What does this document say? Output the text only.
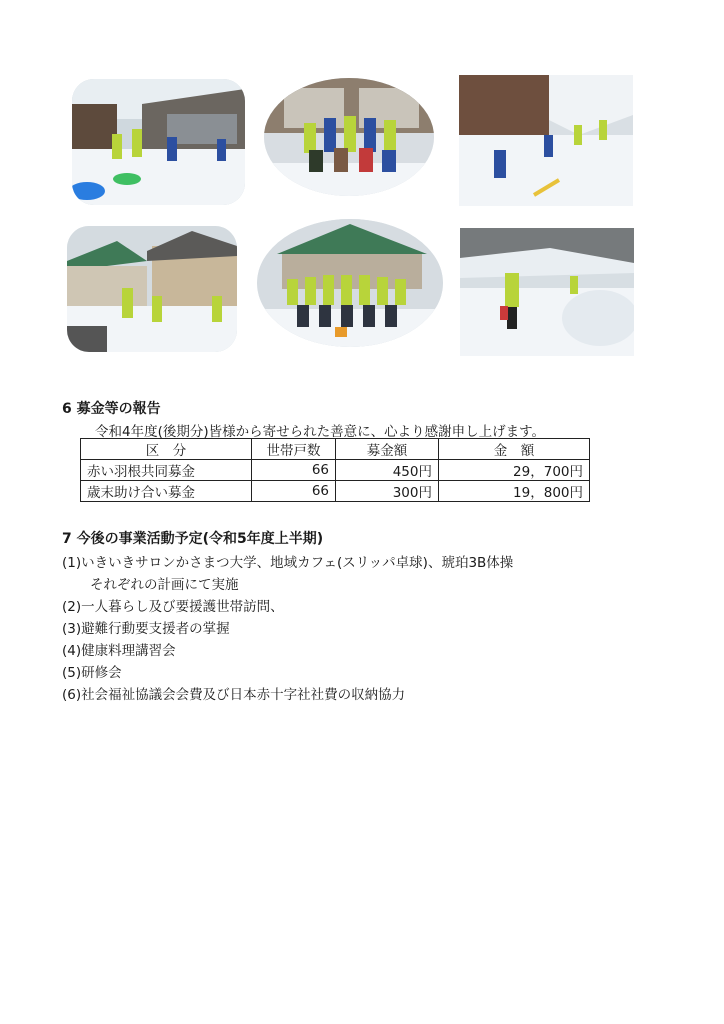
6 募金等の報告
令和4年度(後期分)皆様から寄せられた善意に、心より感謝申し上げます。
区　分	世帯戸数	募金額	金　額
赤い羽根共同募金	66	450円	29，700円
歳末助け合い募金	66	300円	19，800円
7 今後の事業活動予定(令和5年度上半期)
(1)いきいきサロンかさまつ大学、地域カフェ(スリッパ卓球)、琥珀3B体操
それぞれの計画にて実施
(2)一人暮らし及び要援護世帯訪問、
(3)避難行動要支援者の掌握
(4)健康料理講習会
(5)研修会
(6)社会福祉協議会会費及び日本赤十字社社費の収納協力
